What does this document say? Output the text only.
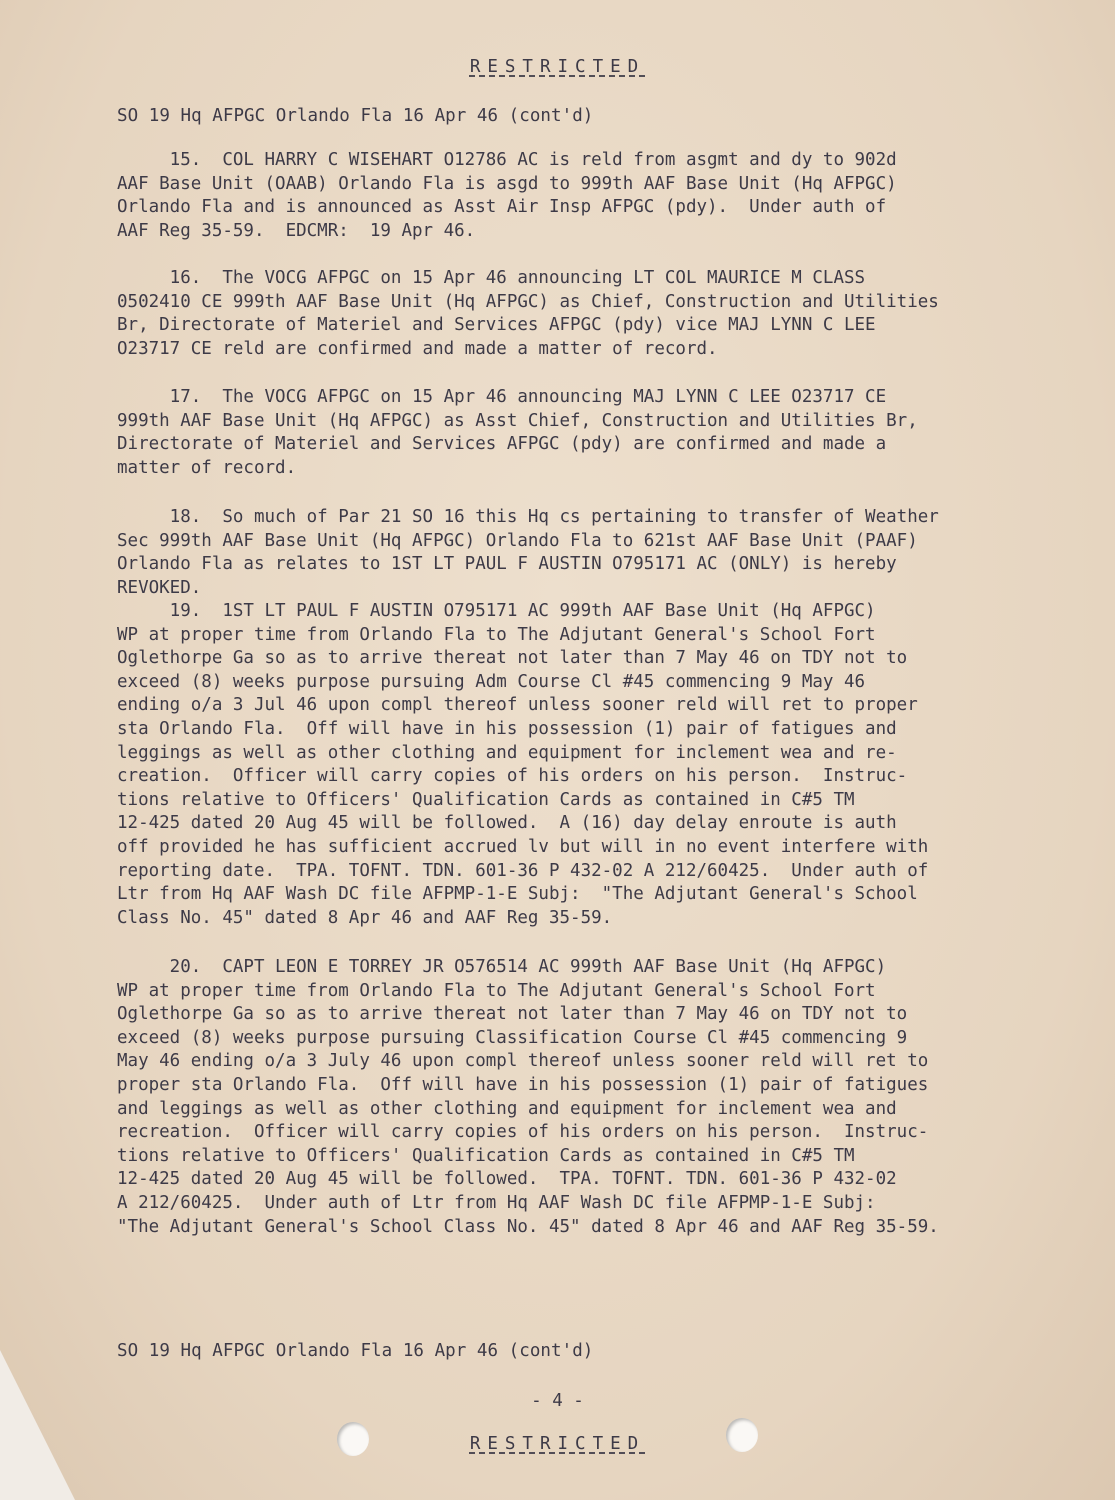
RESTRICTED
SO 19 Hq AFPGC Orlando Fla 16 Apr 46 (cont'd)
15.  COL HARRY C WISEHART O12786 AC is reld from asgmt and dy to 902d
AAF Base Unit (OAAB) Orlando Fla is asgd to 999th AAF Base Unit (Hq AFPGC)
Orlando Fla and is announced as Asst Air Insp AFPGC (pdy).  Under auth of
AAF Reg 35-59.  EDCMR:  19 Apr 46.
16.  The VOCG AFPGC on 15 Apr 46 announcing LT COL MAURICE M CLASS
0502410 CE 999th AAF Base Unit (Hq AFPGC) as Chief, Construction and Utilities
Br, Directorate of Materiel and Services AFPGC (pdy) vice MAJ LYNN C LEE
O23717 CE reld are confirmed and made a matter of record.
17.  The VOCG AFPGC on 15 Apr 46 announcing MAJ LYNN C LEE O23717 CE
999th AAF Base Unit (Hq AFPGC) as Asst Chief, Construction and Utilities Br,
Directorate of Materiel and Services AFPGC (pdy) are confirmed and made a
matter of record.
18.  So much of Par 21 SO 16 this Hq cs pertaining to transfer of Weather
Sec 999th AAF Base Unit (Hq AFPGC) Orlando Fla to 621st AAF Base Unit (PAAF)
Orlando Fla as relates to 1ST LT PAUL F AUSTIN O795171 AC (ONLY) is hereby
REVOKED.
19.  1ST LT PAUL F AUSTIN O795171 AC 999th AAF Base Unit (Hq AFPGC)
WP at proper time from Orlando Fla to The Adjutant General's School Fort
Oglethorpe Ga so as to arrive thereat not later than 7 May 46 on TDY not to
exceed (8) weeks purpose pursuing Adm Course Cl #45 commencing 9 May 46
ending o/a 3 Jul 46 upon compl thereof unless sooner reld will ret to proper
sta Orlando Fla.  Off will have in his possession (1) pair of fatigues and
leggings as well as other clothing and equipment for inclement wea and re-
creation.  Officer will carry copies of his orders on his person.  Instruc-
tions relative to Officers' Qualification Cards as contained in C#5 TM
12-425 dated 20 Aug 45 will be followed.  A (16) day delay enroute is auth
off provided he has sufficient accrued lv but will in no event interfere with
reporting date.  TPA. TOFNT. TDN. 601-36 P 432-02 A 212/60425.  Under auth of
Ltr from Hq AAF Wash DC file AFPMP-1-E Subj:  "The Adjutant General's School
Class No. 45" dated 8 Apr 46 and AAF Reg 35-59.
20.  CAPT LEON E TORREY JR O576514 AC 999th AAF Base Unit (Hq AFPGC)
WP at proper time from Orlando Fla to The Adjutant General's School Fort
Oglethorpe Ga so as to arrive thereat not later than 7 May 46 on TDY not to
exceed (8) weeks purpose pursuing Classification Course Cl #45 commencing 9
May 46 ending o/a 3 July 46 upon compl thereof unless sooner reld will ret to
proper sta Orlando Fla.  Off will have in his possession (1) pair of fatigues
and leggings as well as other clothing and equipment for inclement wea and
recreation.  Officer will carry copies of his orders on his person.  Instruc-
tions relative to Officers' Qualification Cards as contained in C#5 TM
12-425 dated 20 Aug 45 will be followed.  TPA. TOFNT. TDN. 601-36 P 432-02
A 212/60425.  Under auth of Ltr from Hq AAF Wash DC file AFPMP-1-E Subj:
"The Adjutant General's School Class No. 45" dated 8 Apr 46 and AAF Reg 35-59.
SO 19 Hq AFPGC Orlando Fla 16 Apr 46 (cont'd)
- 4 -
RESTRICTED
